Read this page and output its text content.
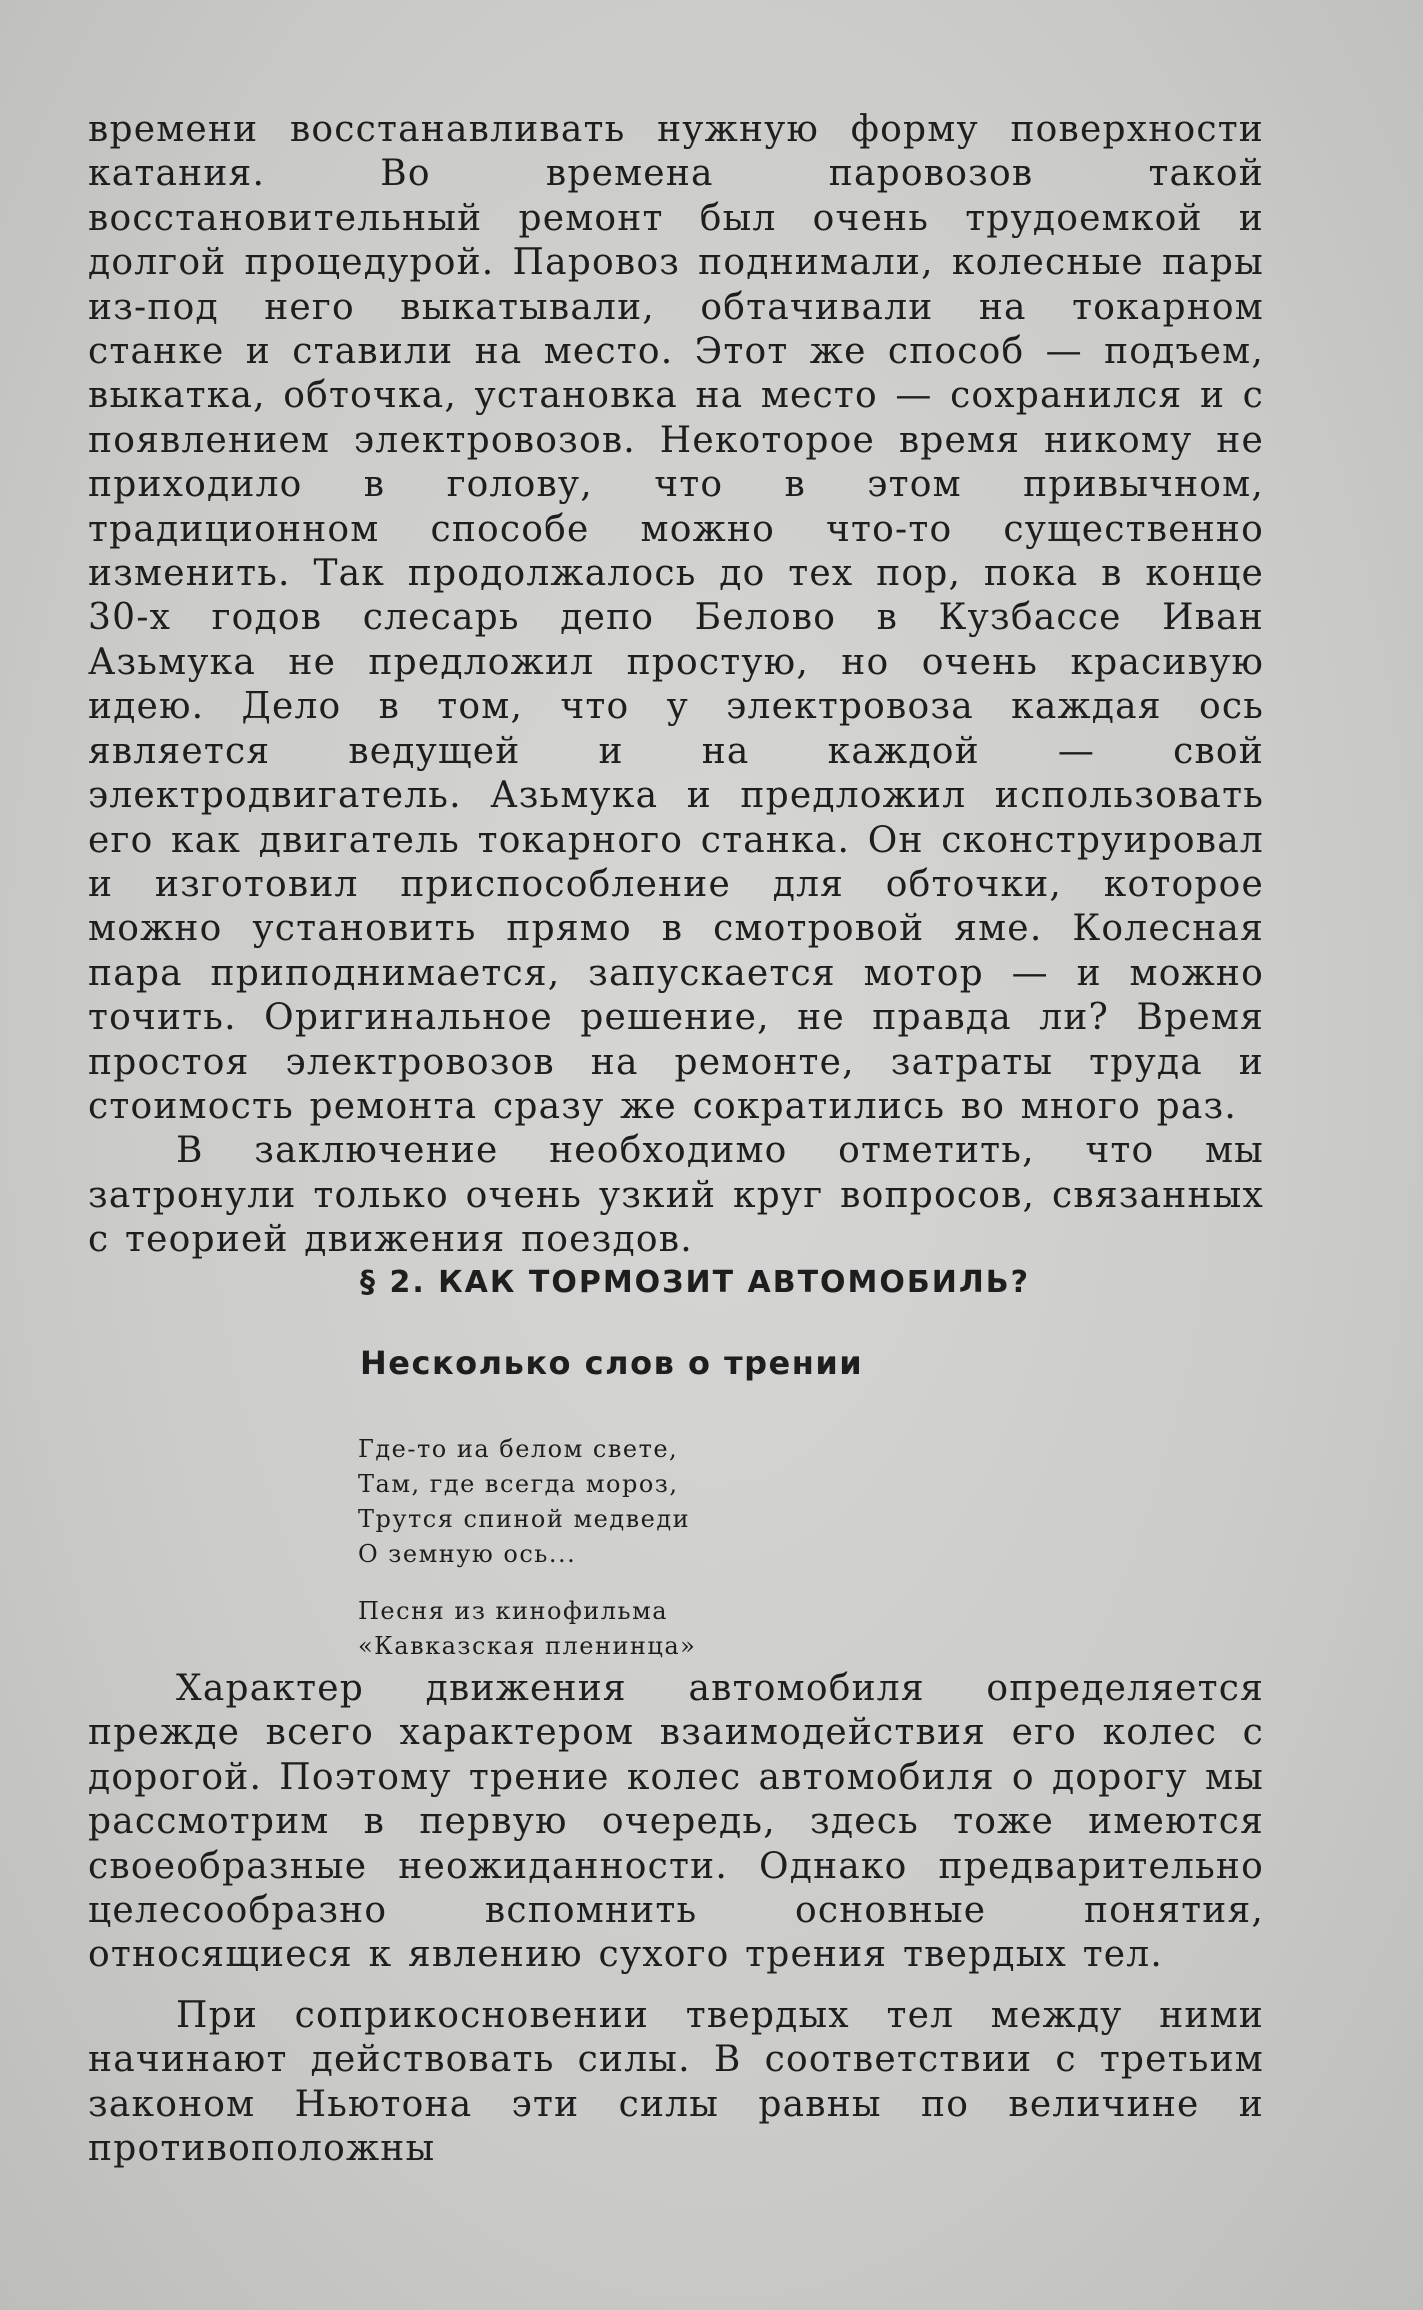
времени восстанавливать нужную форму поверхности катания. Во времена паровозов такой восстановительный ремонт был очень трудоемкой и долгой процедурой. Паровоз поднимали, колесные пары из-под него выкатывали, обтачивали на токарном станке и ставили на место. Этот же способ — подъем, выкатка, обточка, установка на место — сохранился и с появлением электровозов. Некоторое время никому не приходило в голову, что в этом привычном, традиционном способе можно что-то существенно изменить. Так продолжалось до тех пор, пока в конце 30-х годов слесарь депо Белово в Кузбассе Иван Азьмука не предложил простую, но очень красивую идею. Дело в том, что у электровоза каждая ось является ведущей и на каждой — свой электродвигатель. Азьмука и предложил использовать его как двигатель токарного станка. Он сконструировал и изготовил приспособление для обточки, которое можно установить прямо в смотровой яме. Колесная пара приподнимается, запускается мотор — и можно точить. Оригинальное решение, не правда ли? Время простоя электровозов на ремонте, затраты труда и стоимость ремонта сразу же сократились во много раз.

В заключение необходимо отметить, что мы затронули только очень узкий круг вопросов, связанных с теорией движения поездов.

§ 2. КАК ТОРМОЗИТ АВТОМОБИЛЬ?
Несколько слов о трении
Где-то иа белом свете,
Там, где всегда мороз,
Трутся спиной медведи
О земную ось...
Песня из кинофильма
«Кавказская пленинца»

Характер движения автомобиля определяется прежде всего характером взаимодействия его колес с дорогой. Поэтому трение колес автомобиля о дорогу мы рассмотрим в первую очередь, здесь тоже имеются своеобразные неожиданности. Однако предварительно целесообразно вспомнить основные понятия, относящиеся к явлению сухого трения твердых тел.

При соприкосновении твердых тел между ними начинают действовать силы. В соответствии с третьим законом Ньютона эти силы равны по величине и противоположны
